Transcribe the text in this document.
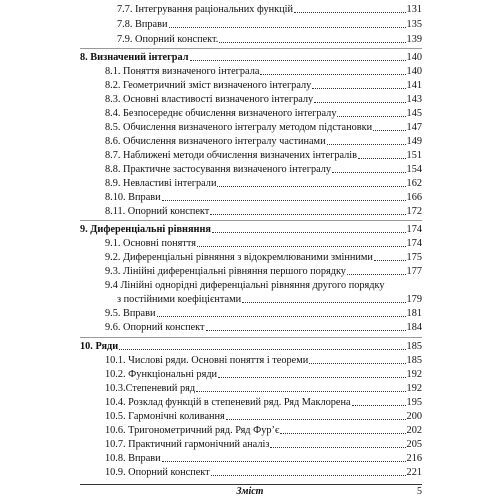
7.7. Інтегрування раціональних функцій	131
7.8. Вправи	135
7.9. Опорний конспект.	139
8. Визначений інтеграл	140
8.1. Поняття визначеного інтеграла	140
8.2. Геометричний зміст визначеного інтегралу	141
8.3. Основні властивості визначеного інтегралу	143
8.4. Безпосереднє обчислення визначеного інтегралу	145
8.5. Обчислення визначеного інтегралу методом підстановки	147
8.6. Обчислення визначеного інтегралу частинами	149
8.7. Наближені методи обчислення визначених інтегралів	151
8.8. Практичне застосування визначеного інтегралу	154
8.9. Невластиві інтеграли	162
8.10. Вправи	166
8.11. Опорний конспект	172
9. Диференціальні рівняння	174
9.1. Основні поняття	174
9.2. Диференціальні рівняння з відокремлюваними змінними	175
9.3. Лінійні диференціальні рівняння першого порядку	177
9.4 Лінійні однорідні диференціальні рівняння другого порядку
з постійними коефіцієнтами	179
9.5. Вправи	181
9.6. Опорний конспект	184
10. Ряди	185
10.1. Числові ряди. Основні поняття і теореми	185
10.2. Функціональні ряди	192
10.3.Степеневий ряд	192
10.4. Розклад функцій в степеневий ряд. Ряд Маклорена	195
10.5. Гармонічні коливання	200
10.6. Тригонометричний ряд. Ряд Фур’є	202
10.7. Практичний гармонічний аналіз	205
10.8. Вправи	216
10.9. Опорний конспект	221
Зміст	5
